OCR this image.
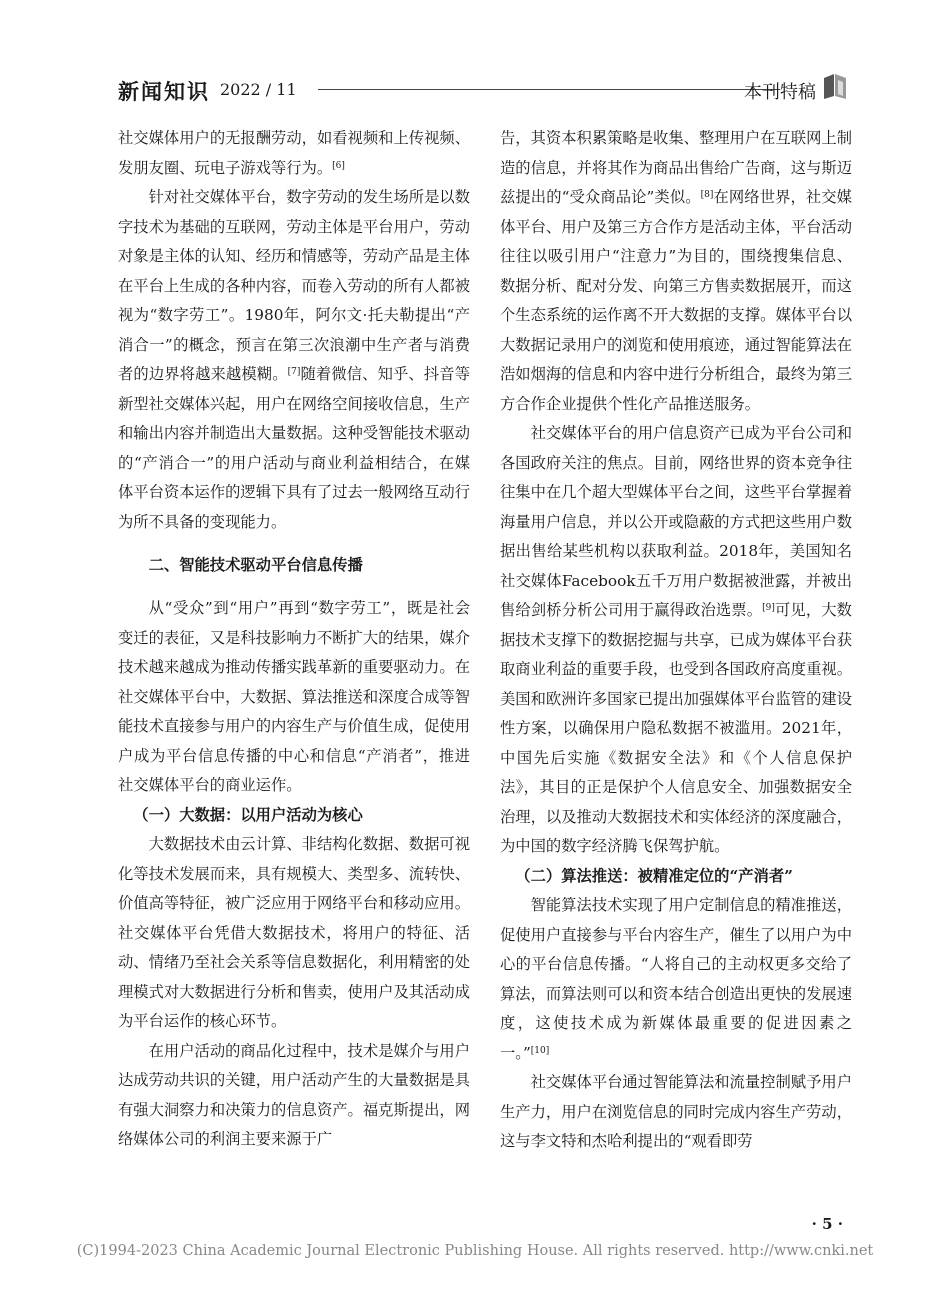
新闻知识 2022 / 11	本刊特稿

社交媒体用户的无报酬劳动，如看视频和上传视频、发朋友圈、玩电子游戏等行为。[6]

针对社交媒体平台，数字劳动的发生场所是以数字技术为基础的互联网，劳动主体是平台用户，劳动对象是主体的认知、经历和情感等，劳动产品是主体在平台上生成的各种内容，而卷入劳动的所有人都被视为“数字劳工”。1980年，阿尔文·托夫勒提出“产消合一”的概念，预言在第三次浪潮中生产者与消费者的边界将越来越模糊。[7]随着微信、知乎、抖音等新型社交媒体兴起，用户在网络空间接收信息，生产和输出内容并制造出大量数据。这种受智能技术驱动的“产消合一”的用户活动与商业利益相结合，在媒体平台资本运作的逻辑下具有了过去一般网络互动行为所不具备的变现能力。

二、智能技术驱动平台信息传播

从“受众”到“用户”再到“数字劳工”，既是社会变迁的表征，又是科技影响力不断扩大的结果，媒介技术越来越成为推动传播实践革新的重要驱动力。在社交媒体平台中，大数据、算法推送和深度合成等智能技术直接参与用户的内容生产与价值生成，促使用户成为平台信息传播的中心和信息“产消者”，推进社交媒体平台的商业运作。

（一）大数据：以用户活动为核心

大数据技术由云计算、非结构化数据、数据可视化等技术发展而来，具有规模大、类型多、流转快、价值高等特征，被广泛应用于网络平台和移动应用。社交媒体平台凭借大数据技术，将用户的特征、活动、情绪乃至社会关系等信息数据化，利用精密的处理模式对大数据进行分析和售卖，使用户及其活动成为平台运作的核心环节。

在用户活动的商品化过程中，技术是媒介与用户达成劳动共识的关键，用户活动产生的大量数据是具有强大洞察力和决策力的信息资产。福克斯提出，网络媒体公司的利润主要来源于广

告，其资本积累策略是收集、整理用户在互联网上制造的信息，并将其作为商品出售给广告商，这与斯迈兹提出的“受众商品论”类似。[8]在网络世界，社交媒体平台、用户及第三方合作方是活动主体，平台活动往往以吸引用户“注意力”为目的，围绕搜集信息、数据分析、配对分发、向第三方售卖数据展开，而这个生态系统的运作离不开大数据的支撑。媒体平台以大数据记录用户的浏览和使用痕迹，通过智能算法在浩如烟海的信息和内容中进行分析组合，最终为第三方合作企业提供个性化产品推送服务。

社交媒体平台的用户信息资产已成为平台公司和各国政府关注的焦点。目前，网络世界的资本竞争往往集中在几个超大型媒体平台之间，这些平台掌握着海量用户信息，并以公开或隐蔽的方式把这些用户数据出售给某些机构以获取利益。2018年，美国知名社交媒体Facebook五千万用户数据被泄露，并被出售给剑桥分析公司用于赢得政治选票。[9]可见，大数据技术支撑下的数据挖掘与共享，已成为媒体平台获取商业利益的重要手段，也受到各国政府高度重视。美国和欧洲许多国家已提出加强媒体平台监管的建设性方案，以确保用户隐私数据不被滥用。2021年，中国先后实施《数据安全法》和《个人信息保护法》，其目的正是保护个人信息安全、加强数据安全治理，以及推动大数据技术和实体经济的深度融合，为中国的数字经济腾飞保驾护航。

（二）算法推送：被精准定位的“产消者”

智能算法技术实现了用户定制信息的精准推送，促使用户直接参与平台内容生产，催生了以用户为中心的平台信息传播。“人将自己的主动权更多交给了算法，而算法则可以和资本结合创造出更快的发展速度，这使技术成为新媒体最重要的促进因素之一。”[10]

社交媒体平台通过智能算法和流量控制赋予用户生产力，用户在浏览信息的同时完成内容生产劳动，这与李文特和杰哈利提出的“观看即劳

· 5 ·
(C)1994-2023 China Academic Journal Electronic Publishing House. All rights reserved. http://www.cnki.net
